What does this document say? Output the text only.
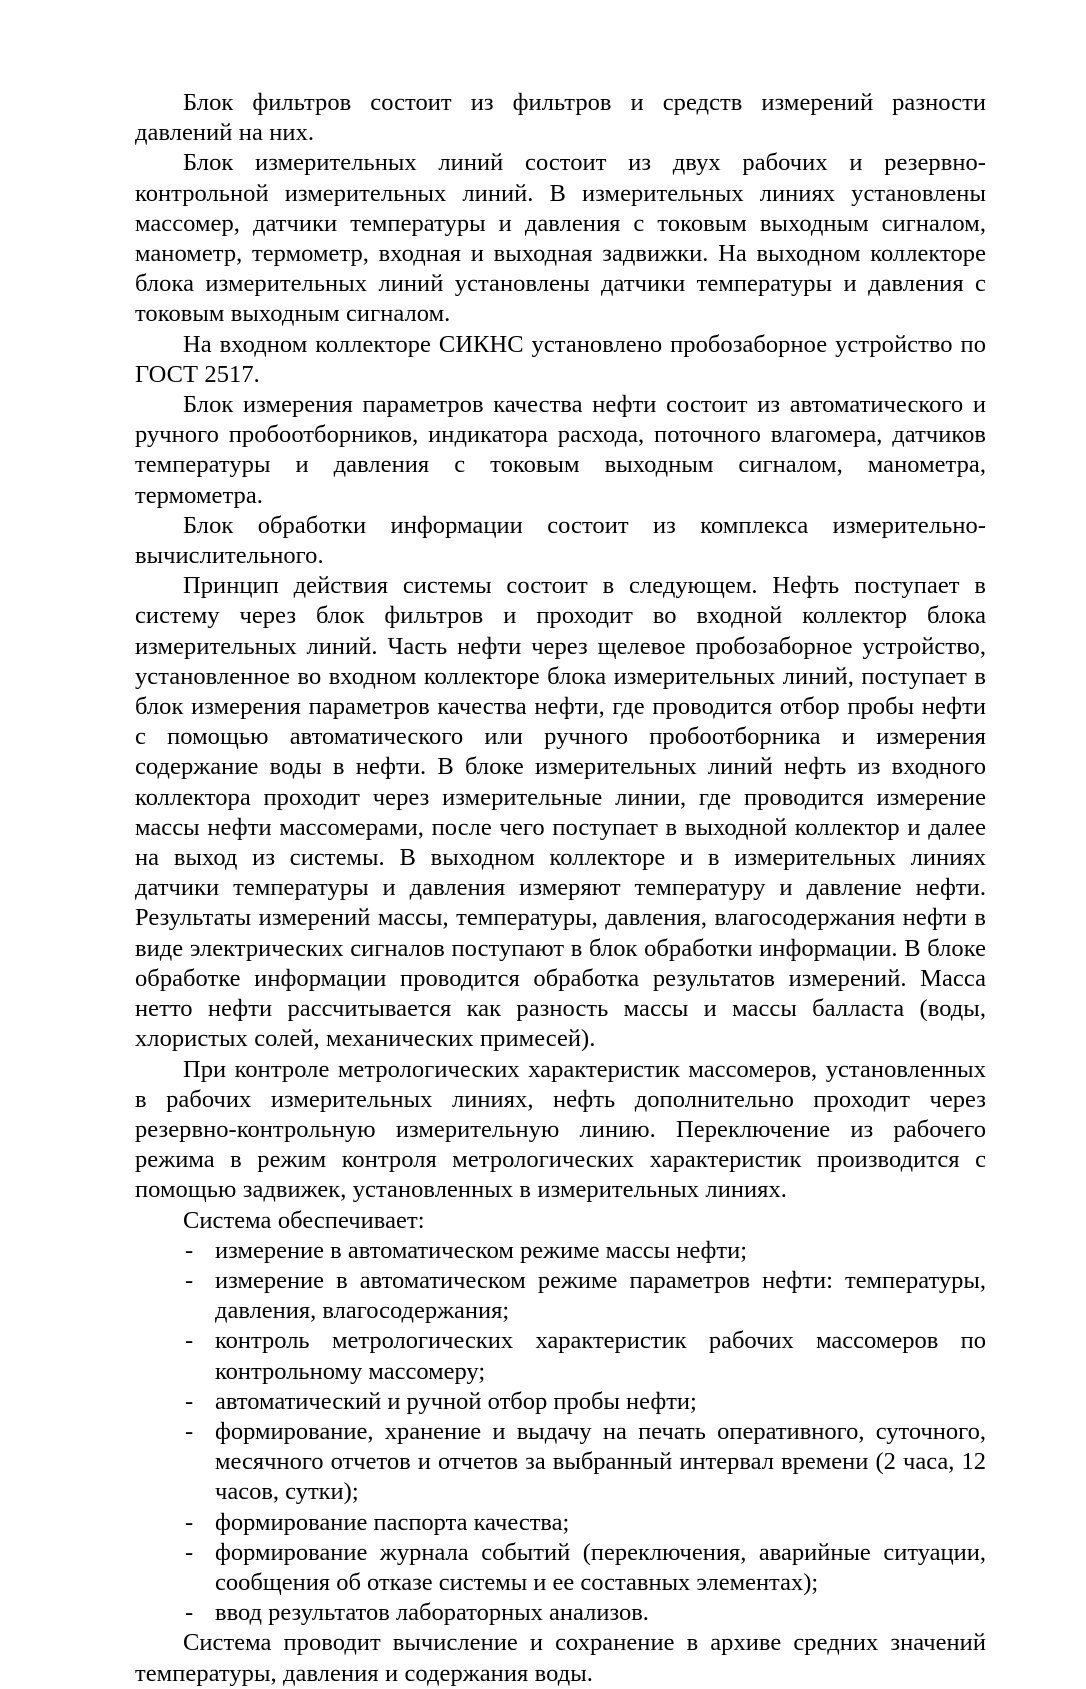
Блок фильтров состоит из фильтров и средств измерений разности давлений на них.

Блок измерительных линий состоит из двух рабочих и резервно-контрольной измерительных линий. В измерительных линиях установлены массомер, датчики температуры и давления с токовым выходным сигналом, манометр, термометр, входная и выходная задвижки. На выходном коллекторе блока измерительных линий установлены датчики температуры и давления с токовым выходным сигналом.

На входном коллекторе СИКНС установлено пробозаборное устройство по ГОСТ 2517.

Блок измерения параметров качества нефти состоит из автоматического и ручного пробоотборников, индикатора расхода, поточного влагомера, датчиков температуры и давления с токовым выходным сигналом, манометра, термометра.

Блок обработки информации состоит из комплекса измерительно-вычислительного.

Принцип действия системы состоит в следующем. Нефть поступает в систему через блок фильтров и проходит во входной коллектор блока измерительных линий. Часть нефти через щелевое пробозаборное устройство, установленное во входном коллекторе блока измерительных линий, поступает в блок измерения параметров качества нефти, где проводится отбор пробы нефти с помощью автоматического или ручного пробоотборника и измерения содержание воды в нефти. В блоке измерительных линий нефть из входного коллектора проходит через измерительные линии, где проводится измерение массы нефти массомерами, после чего поступает в выходной коллектор и далее на выход из системы. В выходном коллекторе и в измерительных линиях датчики температуры и давления измеряют температуру и давление нефти. Результаты измерений массы, температуры, давления, влагосодержания нефти в виде электрических сигналов поступают в блок обработки информации. В блоке обработке информации проводится обработка результатов измерений. Масса нетто нефти рассчитывается как разность массы и массы балласта (воды, хлористых солей, механических примесей).

При контроле метрологических характеристик массомеров, установленных в рабочих измерительных линиях, нефть дополнительно проходит через резервно-контрольную измерительную линию. Переключение из рабочего режима в режим контроля метрологических характеристик производится с помощью задвижек, установленных в измерительных линиях.

Система обеспечивает:

- измерение в автоматическом режиме массы нефти;
- измерение в автоматическом режиме параметров нефти: температуры, давления, влагосодержания;
- контроль метрологических характеристик рабочих массомеров по контрольному массомеру;
- автоматический и ручной отбор пробы нефти;
- формирование, хранение и выдачу на печать оперативного, суточного, месячного отчетов и отчетов за выбранный интервал времени (2 часа, 12 часов, сутки);
- формирование паспорта качества;
- формирование журнала событий (переключения, аварийные ситуации, сообщения об отказе системы и ее составных элементах);
- ввод результатов лабораторных анализов.

Система проводит вычисление и сохранение в архиве средних значений температуры, давления и содержания воды.
